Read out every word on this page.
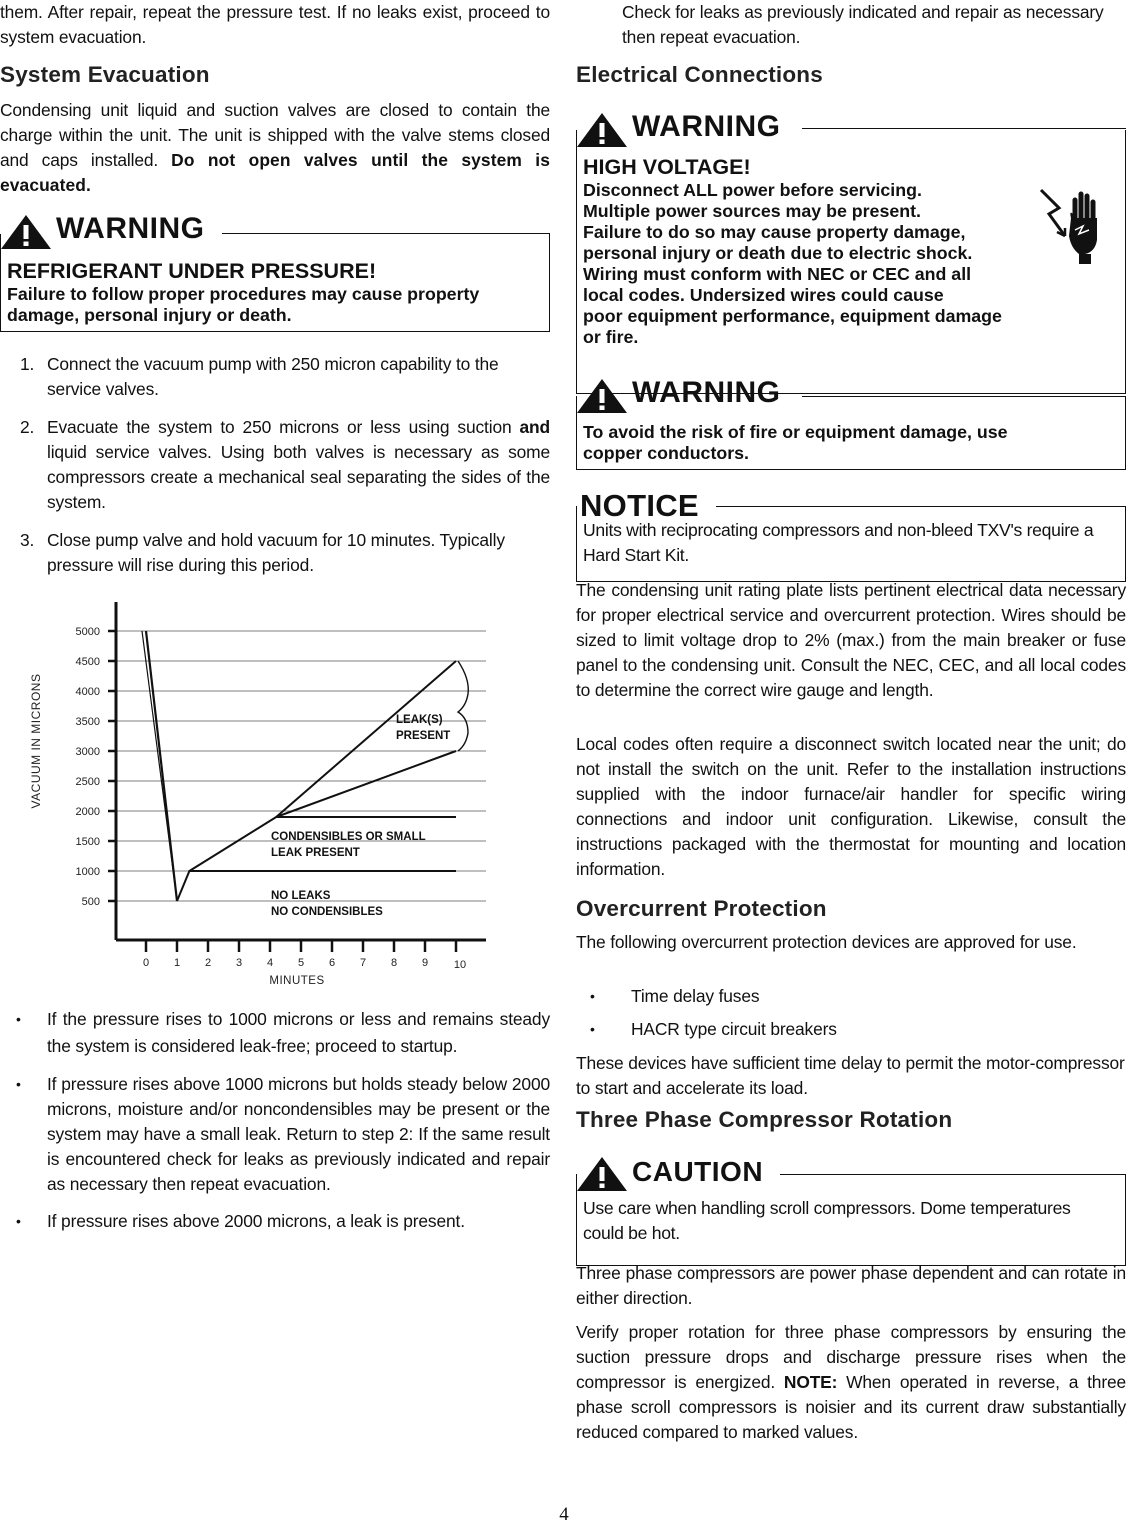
them. After repair, repeat the pressure test. If no leaks exist, proceed to system evacuation.

System Evacuation

Condensing unit liquid and suction valves are closed to contain the charge within the unit. The unit is shipped with the valve stems closed and caps installed. Do not open valves until the system is evacuated.

WARNING
REFRIGERANT UNDER PRESSURE!
Failure to follow proper procedures may cause property damage, personal injury or death.
1. Connect the vacuum pump with 250 micron capability to the service valves.
2. Evacuate the system to 250 microns or less using suction and liquid service valves. Using both valves is necessary as some compressors create a mechanical seal separating the sides of the system.
3. Close pump valve and hold vacuum for 10 minutes. Typically pressure will rise during this period.
500
1000
1500
2000
2500
3000
3500
4000
4500
5000
0 1 2 3 4 5 6 7 8 9 10
MINUTES
VACUUM IN MICRONS	LEAK(S)
PRESENT
CONDENSIBLES OR SMALL
LEAK PRESENT
NO LEAKS
NO CONDENSIBLES
• If the pressure rises to 1000 microns or less and remains steady the system is considered leak-free; proceed to startup.
• If pressure rises above 1000 microns but holds steady below 2000 microns, moisture and/or noncondensibles may be present or the system may have a small leak. Return to step 2: If the same result is encountered check for leaks as previously indicated and repair as necessary then repeat evacuation.
• If pressure rises above 2000 microns, a leak is present.

Check for leaks as previously indicated and repair as necessary then repeat evacuation.

Electrical Connections
WARNING
HIGH VOLTAGE!
Disconnect ALL power before servicing.
Multiple power sources may be present.
Failure to do so may cause property damage,
personal injury or death due to electric shock.
Wiring must conform with NEC or CEC and all
local codes. Undersized wires could cause
poor equipment performance, equipment damage
or fire.
WARNING
To avoid the risk of fire or equipment damage, use
copper conductors.
NOTICE
Units with reciprocating compressors and non-bleed TXV's require a Hard Start Kit.

The condensing unit rating plate lists pertinent electrical data necessary for proper electrical service and overcurrent protection. Wires should be sized to limit voltage drop to 2% (max.) from the main breaker or fuse panel to the condensing unit. Consult the NEC, CEC, and all local codes to determine the correct wire gauge and length.

Local codes often require a disconnect switch located near the unit; do not install the switch on the unit. Refer to the installation instructions supplied with the indoor furnace/air handler for specific wiring connections and indoor unit configuration. Likewise, consult the instructions packaged with the thermostat for mounting and location information.

Overcurrent Protection

The following overcurrent protection devices are approved for use.

• Time delay fuses
• HACR type circuit breakers

These devices have sufficient time delay to permit the motor-compressor to start and accelerate its load.

Three Phase Compressor Rotation
CAUTION
Use care when handling scroll compressors. Dome temperatures could be hot.

Three phase compressors are power phase dependent and can rotate in either direction.

Verify proper rotation for three phase compressors by ensuring the suction pressure drops and discharge pressure rises when the compressor is energized. NOTE: When operated in reverse, a three phase scroll compressors is noisier and its current draw substantially reduced compared to marked values.

4
